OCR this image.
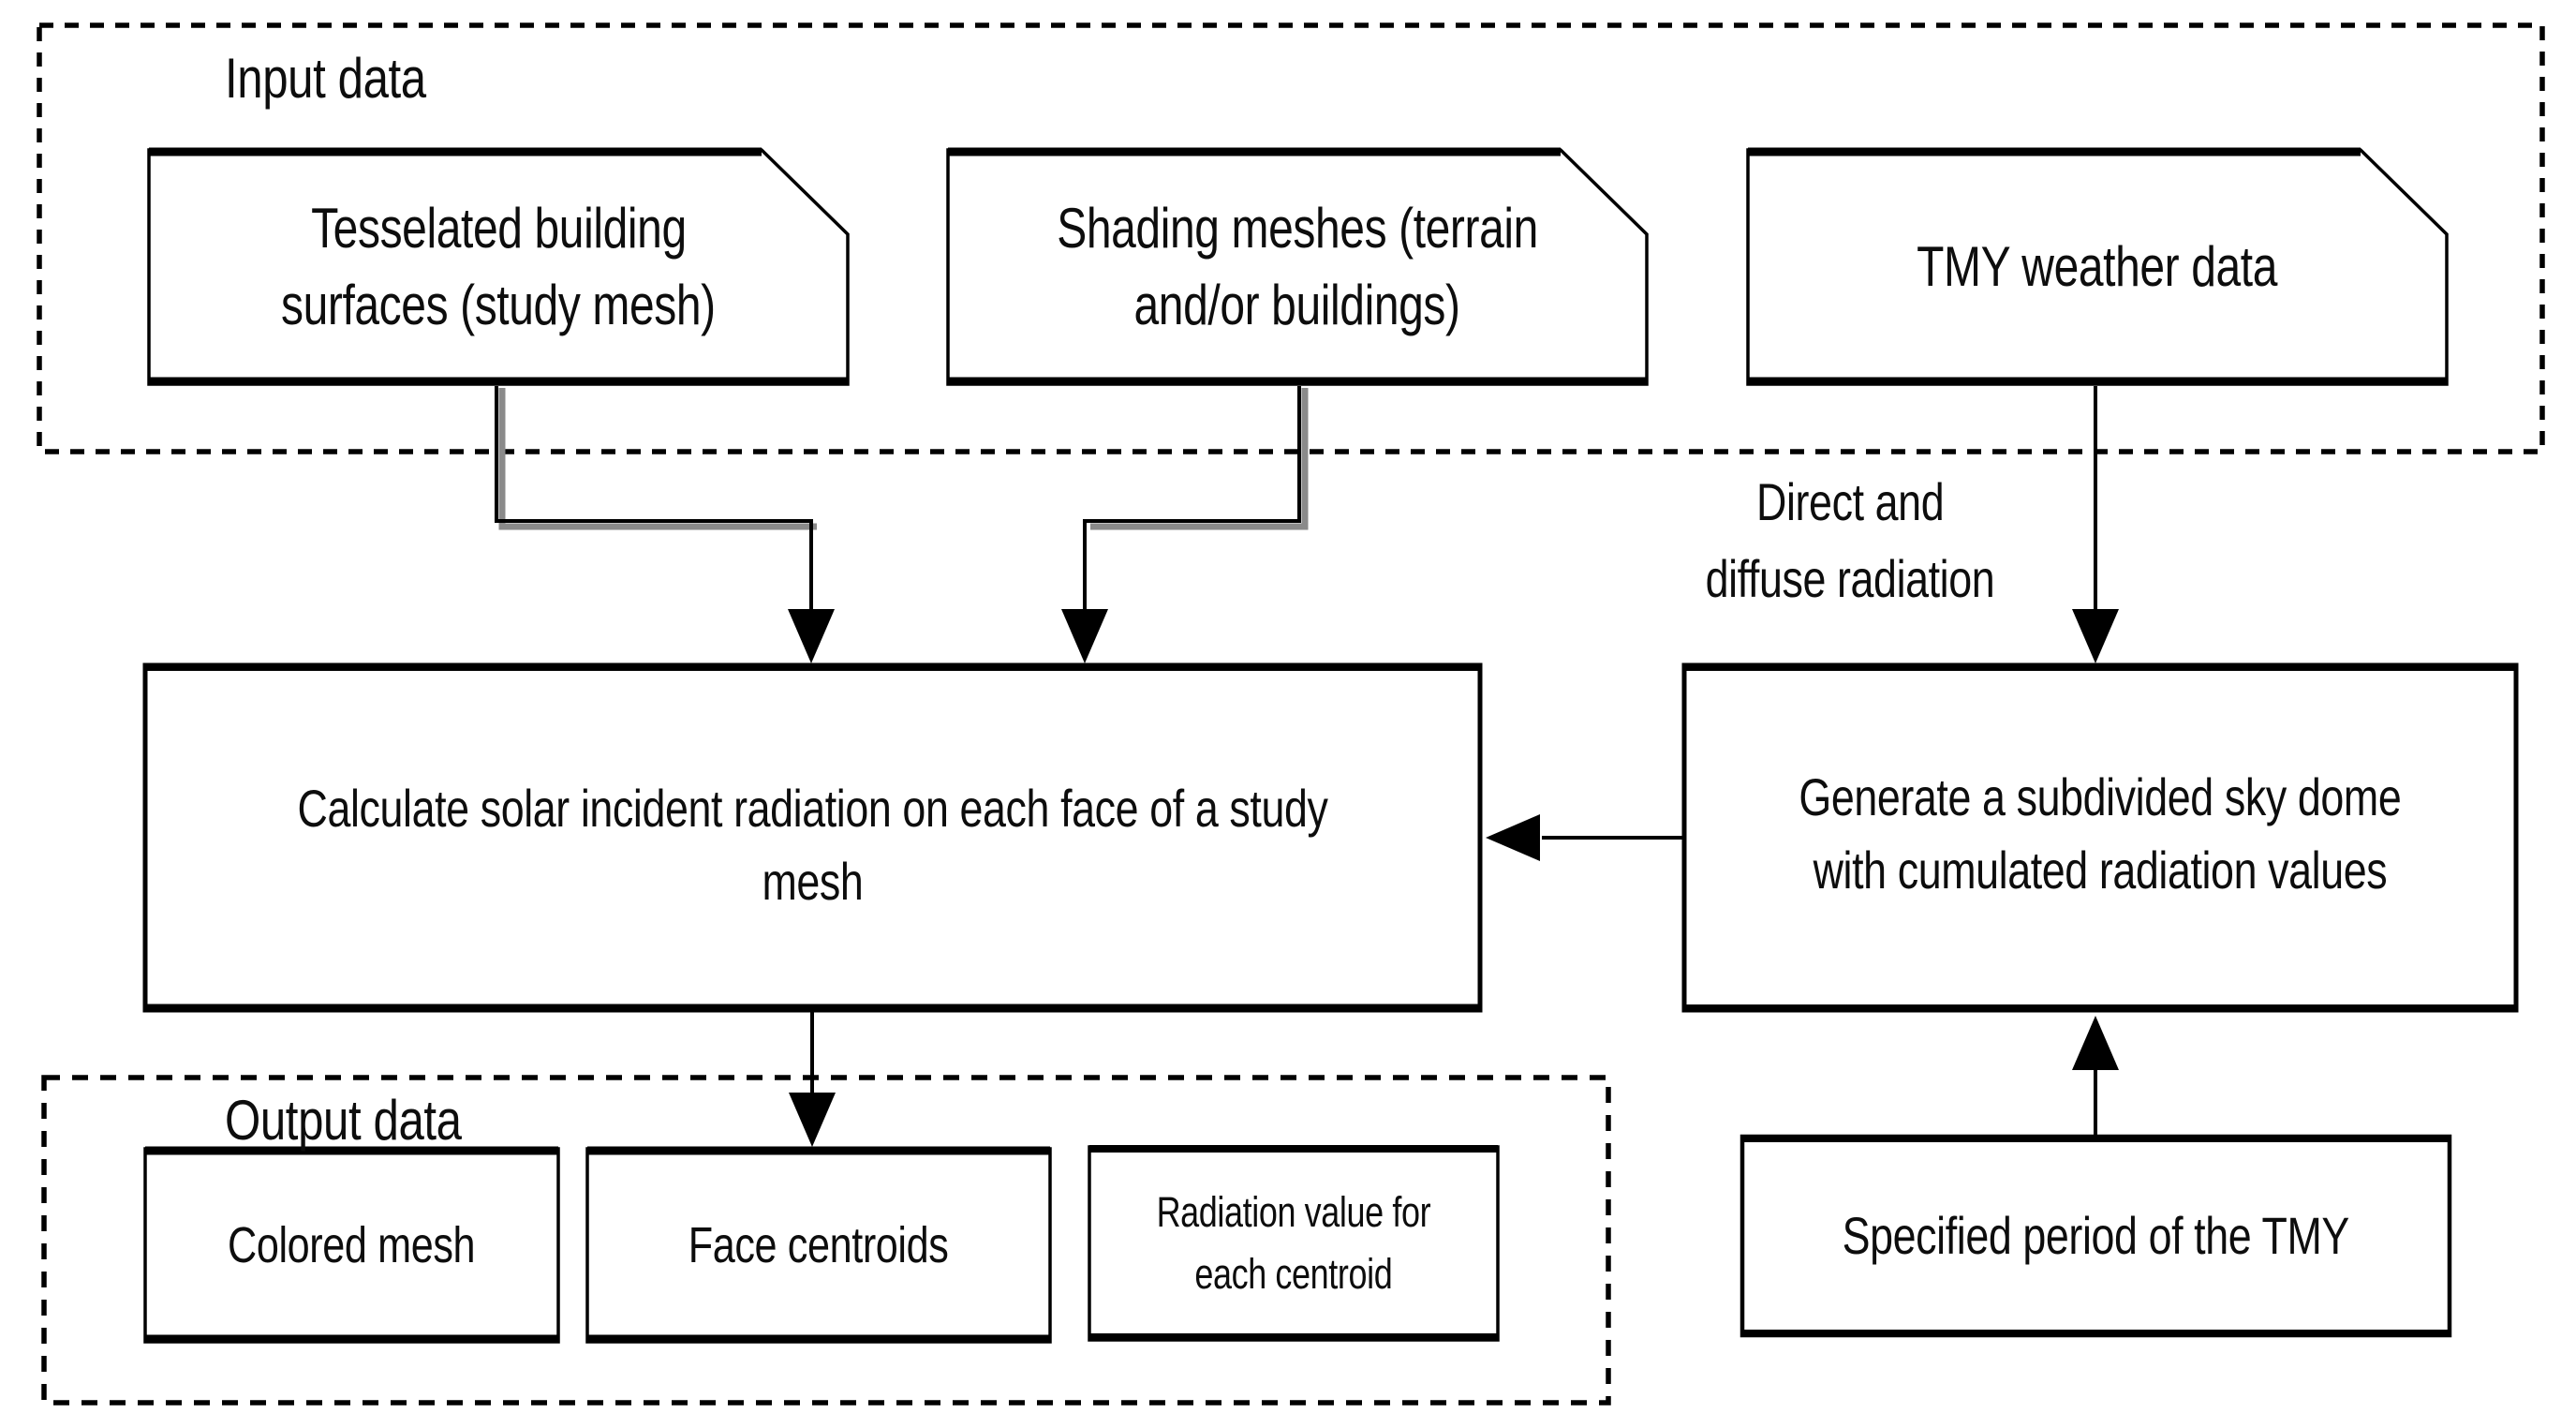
Input data
Tesselated building
surfaces (study mesh)
Shading meshes (terrain
and/or buildings)
TMY weather data
Direct and
diffuse radiation
Calculate solar incident radiation on each face of a study
mesh
Generate a subdivided sky dome
with cumulated radiation values
Output data
Colored mesh	Face centroids
Radiation value for
each centroid
Specified period of the TMY
